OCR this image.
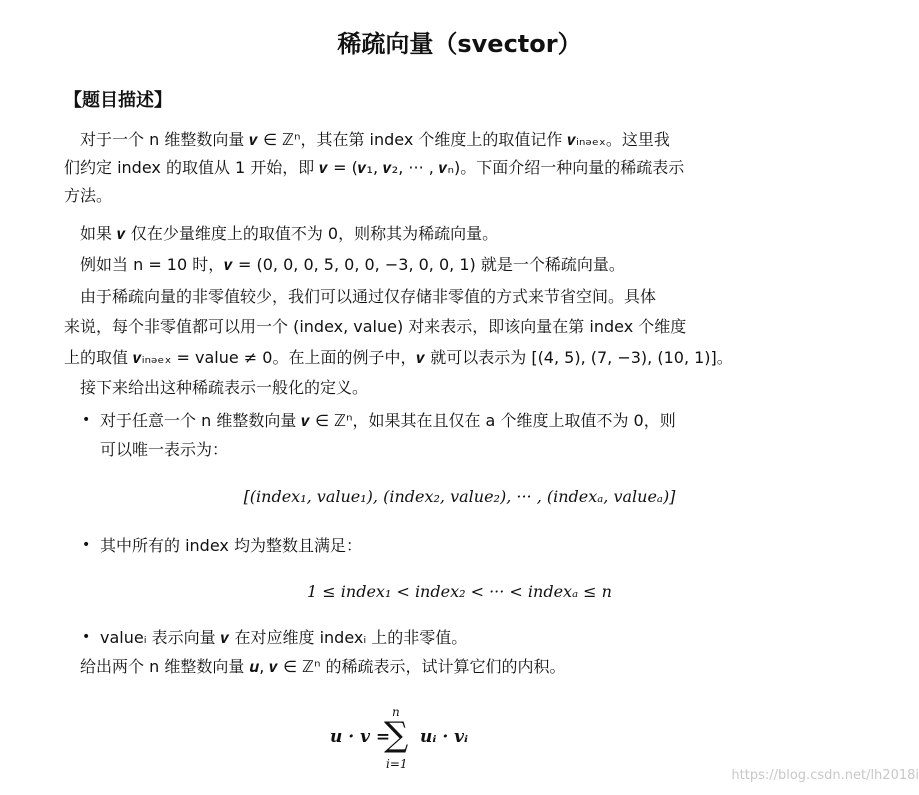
稀疏向量（svector）
【题目描述】
对于一个 n 维整数向量 𝒗 ∈ ℤⁿ，其在第 index 个维度上的取值记作 𝒗ᵢₙₔₑₓ。这里我
们约定 index 的取值从 1 开始，即 𝒗 = (𝒗₁, 𝒗₂, ··· , 𝒗ₙ)。下面介绍一种向量的稀疏表示
方法。
如果 𝒗 仅在少量维度上的取值不为 0，则称其为稀疏向量。
例如当 n = 10 时，𝒗 = (0, 0, 0, 5, 0, 0, −3, 0, 0, 1) 就是一个稀疏向量。
由于稀疏向量的非零值较少，我们可以通过仅存储非零值的方式来节省空间。具体
来说，每个非零值都可以用一个 (index, value) 对来表示，即该向量在第 index 个维度
上的取值 𝒗ᵢₙₔₑₓ = value ≠ 0。在上面的例子中，𝒗 就可以表示为 [(4, 5), (7, −3), (10, 1)]。
接下来给出这种稀疏表示一般化的定义。
• 对于任意一个 n 维整数向量 𝒗 ∈ ℤⁿ，如果其在且仅在 a 个维度上取值不为 0，则
可以唯一表示为：
[(index₁, value₁), (index₂, value₂), ··· , (indexₐ, valueₐ)]
• 其中所有的 index 均为整数且满足：
1 ≤ index₁ < index₂ < ··· < indexₐ ≤ n
• valueᵢ 表示向量 𝒗 在对应维度 indexᵢ 上的非零值。
给出两个 n 维整数向量 𝒖, 𝒗 ∈ ℤⁿ 的稀疏表示，试计算它们的内积。
𝒖 · 𝒗 =
n
∑
i=1
𝒖ᵢ · 𝒗ᵢ
https://blog.csdn.net/lh2018i
